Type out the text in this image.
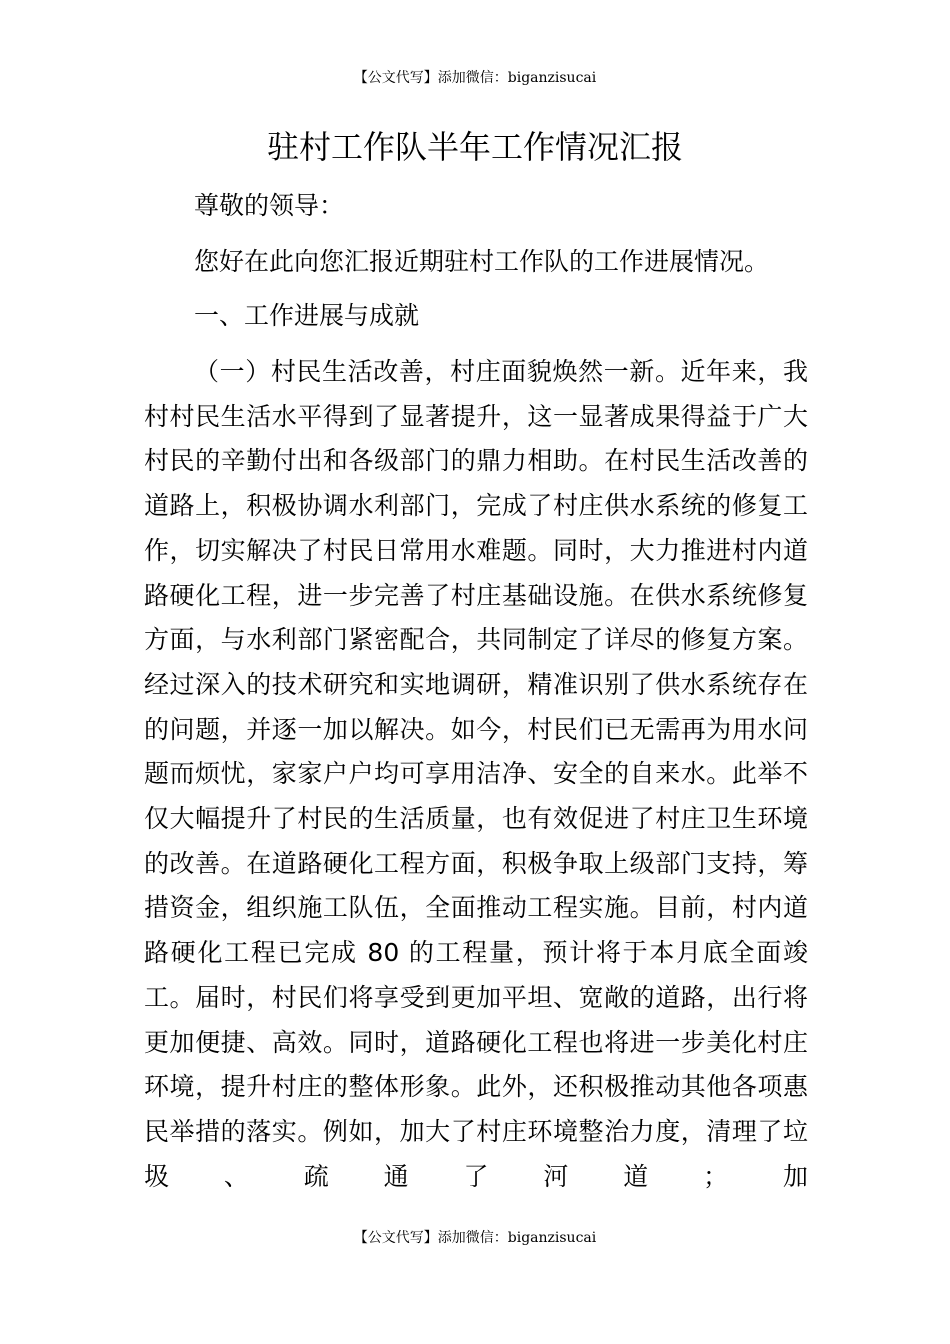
【公文代写】添加微信：biganzisucai
驻村工作队半年工作情况汇报

尊敬的领导：

您好在此向您汇报近期驻村工作队的工作进展情况。

一、工作进展与成就

（一）村民生活改善，村庄面貌焕然一新。近年来，我村村民生活水平得到了显著提升，这一显著成果得益于广大村民的辛勤付出和各级部门的鼎力相助。在村民生活改善的道路上，积极协调水利部门，完成了村庄供水系统的修复工作，切实解决了村民日常用水难题。同时，大力推进村内道路硬化工程，进一步完善了村庄基础设施。在供水系统修复方面，与水利部门紧密配合，共同制定了详尽的修复方案。经过深入的技术研究和实地调研，精准识别了供水系统存在的问题，并逐一加以解决。如今，村民们已无需再为用水问题而烦忧，家家户户均可享用洁净、安全的自来水。此举不仅大幅提升了村民的生活质量，也有效促进了村庄卫生环境的改善。在道路硬化工程方面，积极争取上级部门支持，筹措资金，组织施工队伍，全面推动工程实施。目前，村内道路硬化工程已完成 80 的工程量，预计将于本月底全面竣工。届时，村民们将享受到更加平坦、宽敞的道路，出行将更加便捷、高效。同时，道路硬化工程也将进一步美化村庄环境，提升村庄的整体形象。此外，还积极推动其他各项惠民举措的落实。例如，加大了村庄环境整治力度，清理了垃圾、疏通了河道；加

【公文代写】添加微信：biganzisucai
